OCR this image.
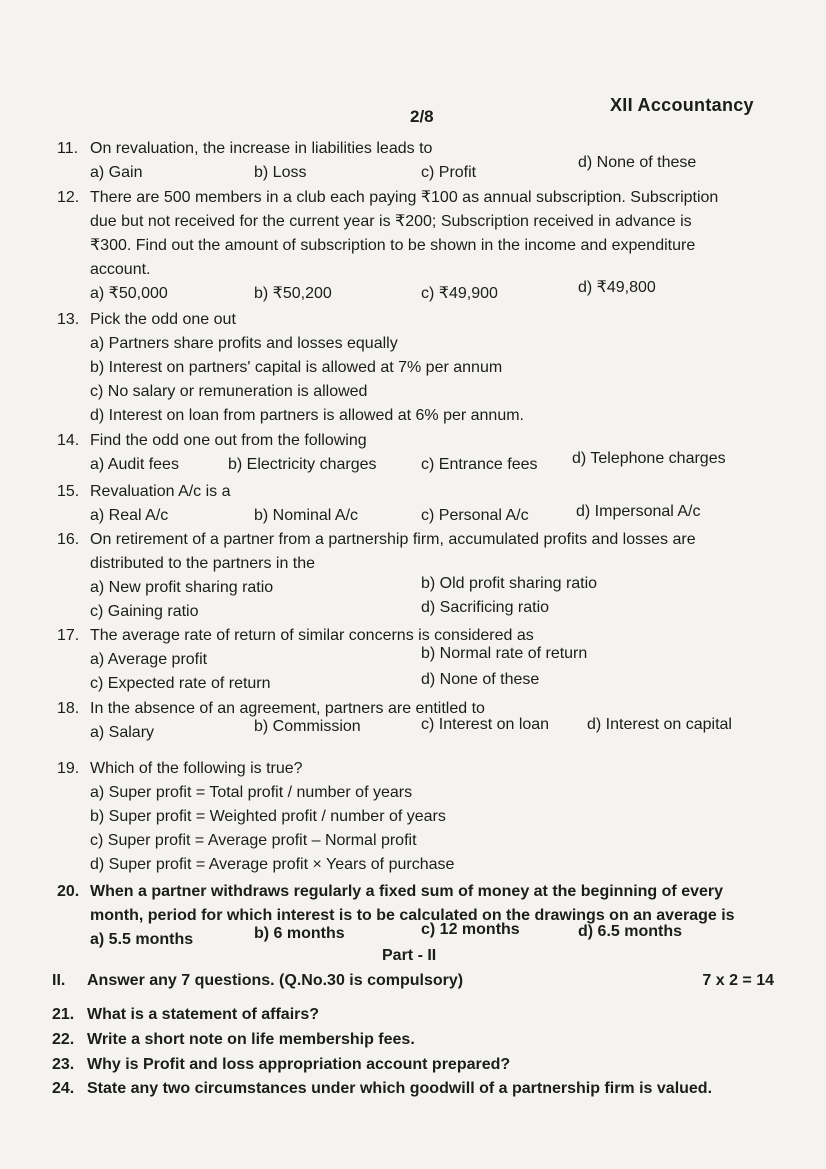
2/8
XII Accountancy
11. On revaluation, the increase in liabilities leads to
a) Gain	b) Loss	c) Profit
d) None of these
12. There are 500 members in a club each paying ₹100 as annual subscription. Subscription
due but not received for the current year is ₹200; Subscription received in advance is
₹300. Find out the amount of subscription to be shown in the income and expenditure
account.
a) ₹50,000	b) ₹50,200	c) ₹49,900	d) ₹49,800
13. Pick the odd one out
a) Partners share profits and losses equally
b) Interest on partners' capital is allowed at 7% per annum
c) No salary or remuneration is allowed
d) Interest on loan from partners is allowed at 6% per annum.
14. Find the odd one out from the following
a) Audit fees	b) Electricity charges	c) Entrance fees d) Telephone charges
15. Revaluation A/c is a
a) Real A/c	b) Nominal A/c	c) Personal A/c	d) Impersonal A/c
16. On retirement of a partner from a partnership firm, accumulated profits and losses are
distributed to the partners in the
a) New profit sharing ratio	b) Old profit sharing ratio
c) Gaining ratio	d) Sacrificing ratio
17. The average rate of return of similar concerns is considered as
a) Average profit	b) Normal rate of return
c) Expected rate of return	d) None of these
18. In the absence of an agreement, partners are entitled to
a) Salary	b) Commission	c) Interest on loan d) Interest on capital
19. Which of the following is true?
a) Super profit = Total profit / number of years
b) Super profit = Weighted profit / number of years
c) Super profit = Average profit – Normal profit
d) Super profit = Average profit × Years of purchase
20. When a partner withdraws regularly a fixed sum of money at the beginning of every
month, period for which interest is to be calculated on the drawings on an average is
a) 5.5 months	b) 6 months	c) 12 months	d) 6.5 months
Part - II
II. Answer any 7 questions. (Q.No.30 is compulsory)	7 x 2 = 14
21. What is a statement of affairs?
22. Write a short note on life membership fees.
23. Why is Profit and loss appropriation account prepared?
24. State any two circumstances under which goodwill of a partnership firm is valued.
